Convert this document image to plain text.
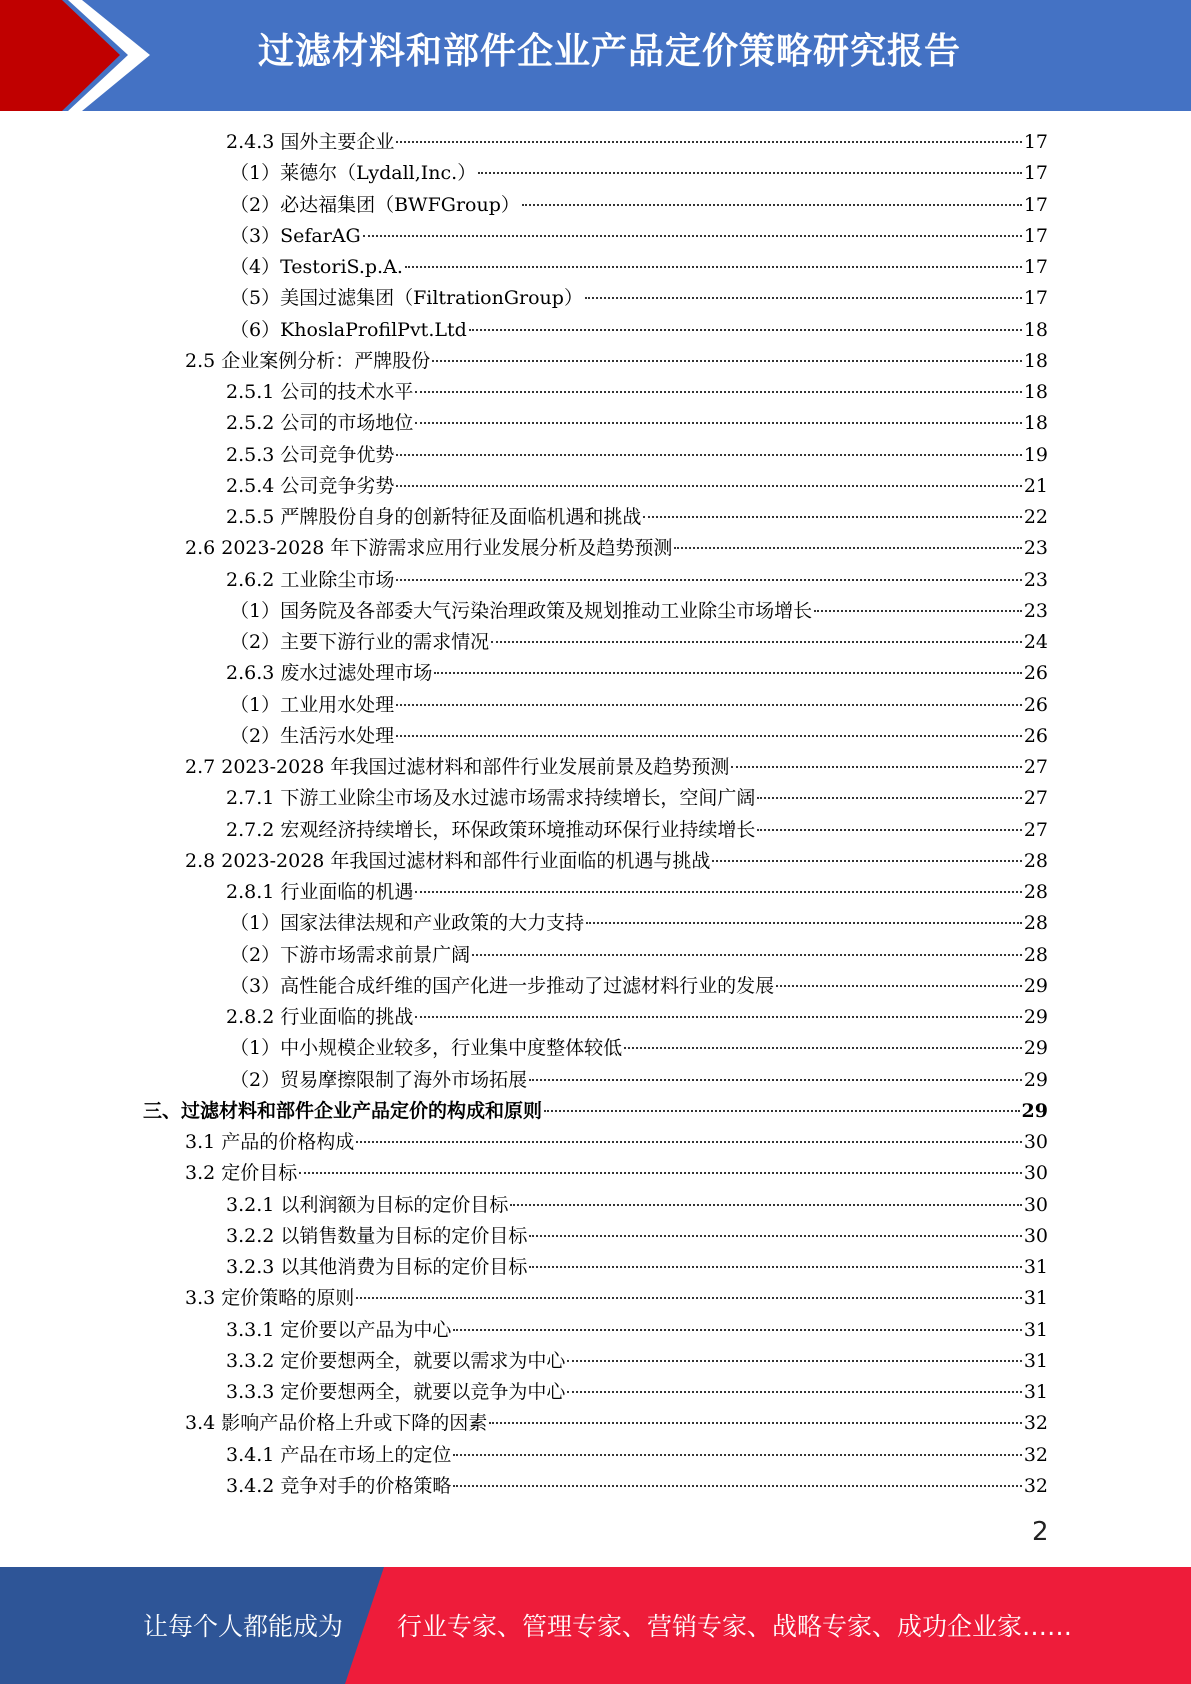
过滤材料和部件企业产品定价策略研究报告
2.4.3 国外主要企业	17
（1）莱德尔（Lydall,Inc.）	17
（2）必达福集团（BWFGroup）	17
（3）SefarAG	17
（4）TestoriS.p.A.	17
（5）美国过滤集团（FiltrationGroup）	17
（6）KhoslaProfilPvt.Ltd	18
2.5 企业案例分析：严牌股份	18
2.5.1 公司的技术水平	18
2.5.2 公司的市场地位	18
2.5.3 公司竞争优势	19
2.5.4 公司竞争劣势	21
2.5.5 严牌股份自身的创新特征及面临机遇和挑战	22
2.6 2023-2028 年下游需求应用行业发展分析及趋势预测	23
2.6.2 工业除尘市场	23
（1）国务院及各部委大气污染治理政策及规划推动工业除尘市场增长	23
（2）主要下游行业的需求情况	24
2.6.3 废水过滤处理市场	26
（1）工业用水处理	26
（2）生活污水处理	26
2.7 2023-2028 年我国过滤材料和部件行业发展前景及趋势预测	27
2.7.1 下游工业除尘市场及水过滤市场需求持续增长，空间广阔	27
2.7.2 宏观经济持续增长，环保政策环境推动环保行业持续增长	27
2.8 2023-2028 年我国过滤材料和部件行业面临的机遇与挑战	28
2.8.1 行业面临的机遇	28
（1）国家法律法规和产业政策的大力支持	28
（2）下游市场需求前景广阔	28
（3）高性能合成纤维的国产化进一步推动了过滤材料行业的发展	29
2.8.2 行业面临的挑战	29
（1）中小规模企业较多，行业集中度整体较低	29
（2）贸易摩擦限制了海外市场拓展	29
三、过滤材料和部件企业产品定价的构成和原则	29
3.1 产品的价格构成	30
3.2 定价目标	30
3.2.1 以利润额为目标的定价目标	30
3.2.2 以销售数量为目标的定价目标	30
3.2.3 以其他消费为目标的定价目标	31
3.3 定价策略的原则	31
3.3.1 定价要以产品为中心	31
3.3.2 定价要想两全，就要以需求为中心	31
3.3.3 定价要想两全，就要以竞争为中心	31
3.4 影响产品价格上升或下降的因素	32
3.4.1 产品在市场上的定位	32
3.4.2 竞争对手的价格策略	32
2
让每个人都能成为 行业专家、管理专家、营销专家、战略专家、成功企业家……
